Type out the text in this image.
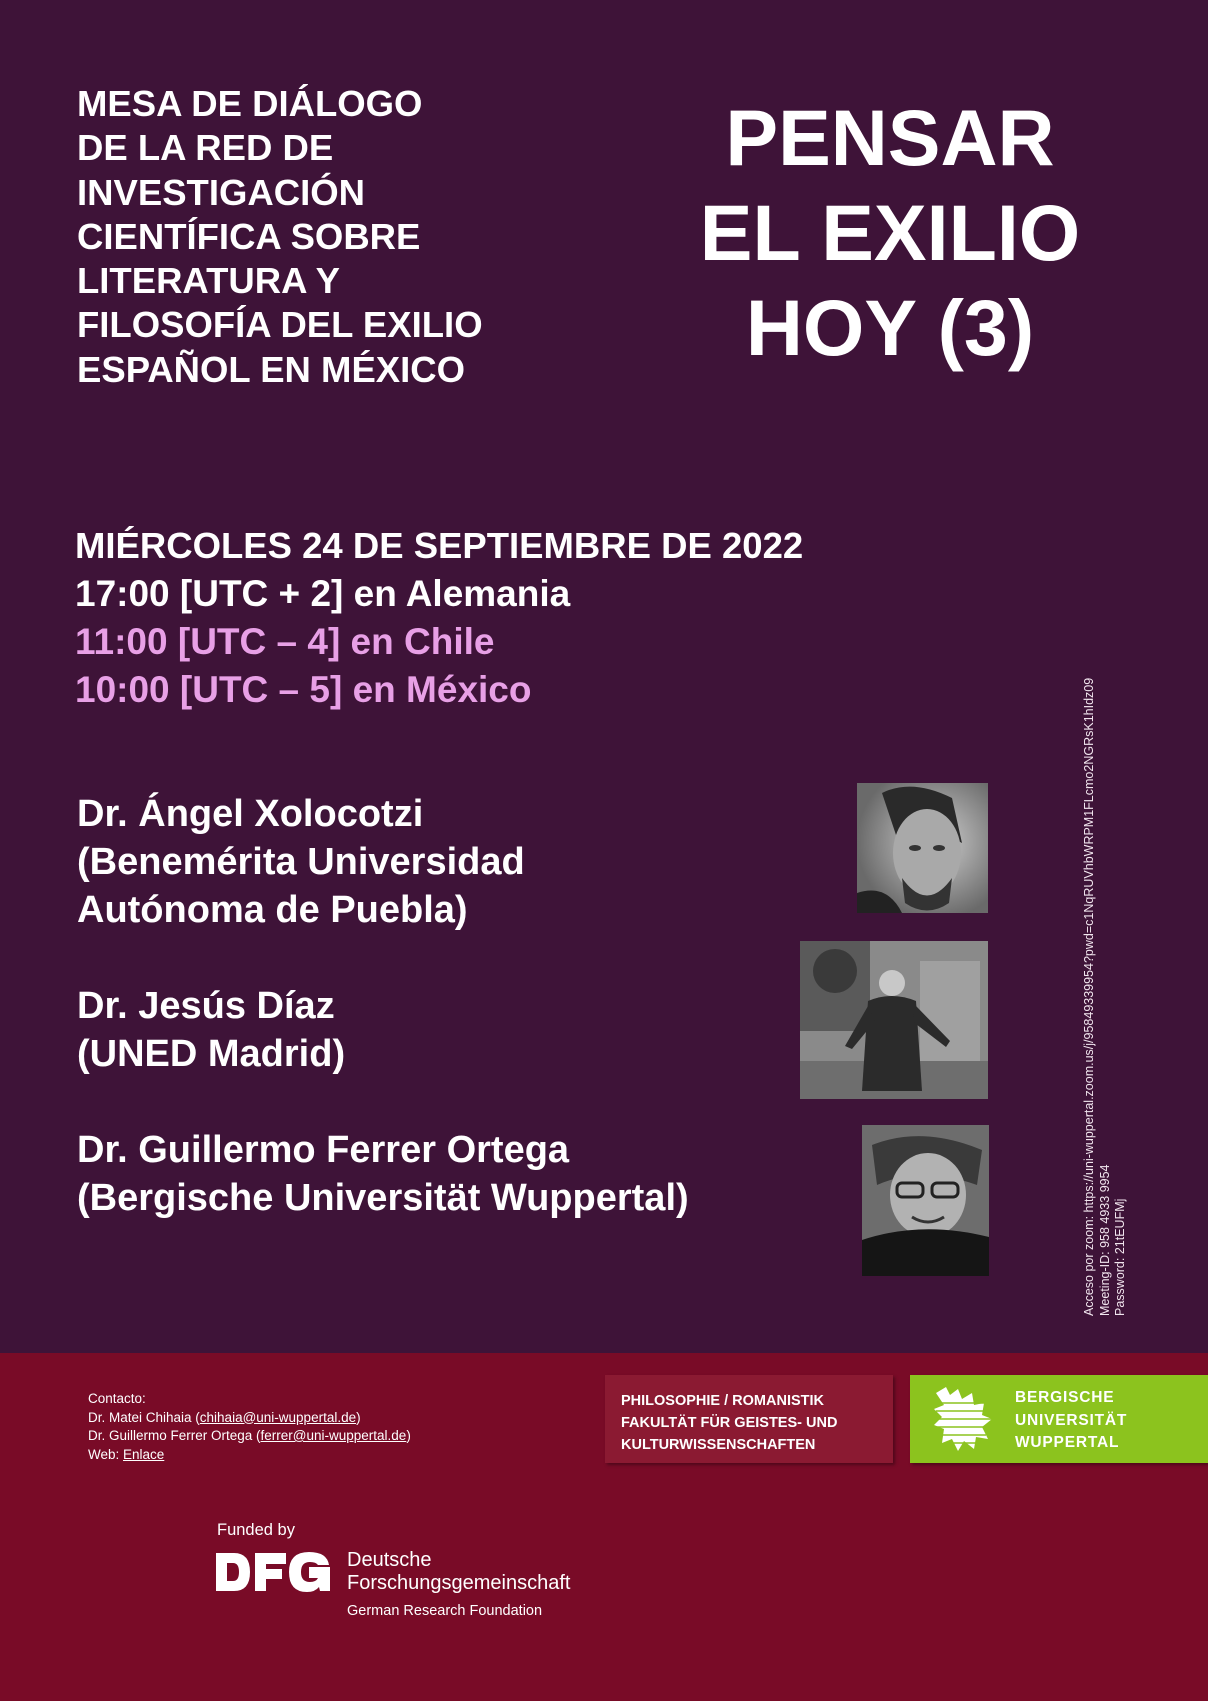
MESA DE DIÁLOGO
DE LA RED DE
INVESTIGACIÓN
CIENTÍFICA SOBRE
LITERATURA Y
FILOSOFÍA DEL EXILIO
ESPAÑOL EN MÉXICO
PENSAR
EL EXILIO
HOY (3)
MIÉRCOLES 24 DE SEPTIEMBRE DE 2022
17:00 [UTC + 2] en Alemania
11:00 [UTC – 4] en Chile
10:00 [UTC – 5] en México
Dr. Ángel Xolocotzi
(Benemérita Universidad
Autónoma de Puebla)
Dr. Jesús Díaz
(UNED Madrid)
Dr. Guillermo Ferrer Ortega
(Bergische Universität Wuppertal)	Acceso por zoom: https://uni-wuppertal.zoom.us/j/95849339954?pwd=c1NqRUVhbWRPM1FLcmo2NGRsK1hIdz09 Meeting-ID: 958 4933 9954 Password: 21tEUFMj
Contacto:
Dr. Matei Chihaia (chihaia@uni-wuppertal.de)
Dr. Guillermo Ferrer Ortega (ferrer@uni-wuppertal.de)
Web: Enlace
PHILOSOPHIE / ROMANISTIK
FAKULTÄT FÜR GEISTES- UND
KULTURWISSENSCHAFTEN
BERGISCHE
UNIVERSITÄT
WUPPERTAL
Funded by
Deutsche
Forschungsgemeinschaft
German Research Foundation
